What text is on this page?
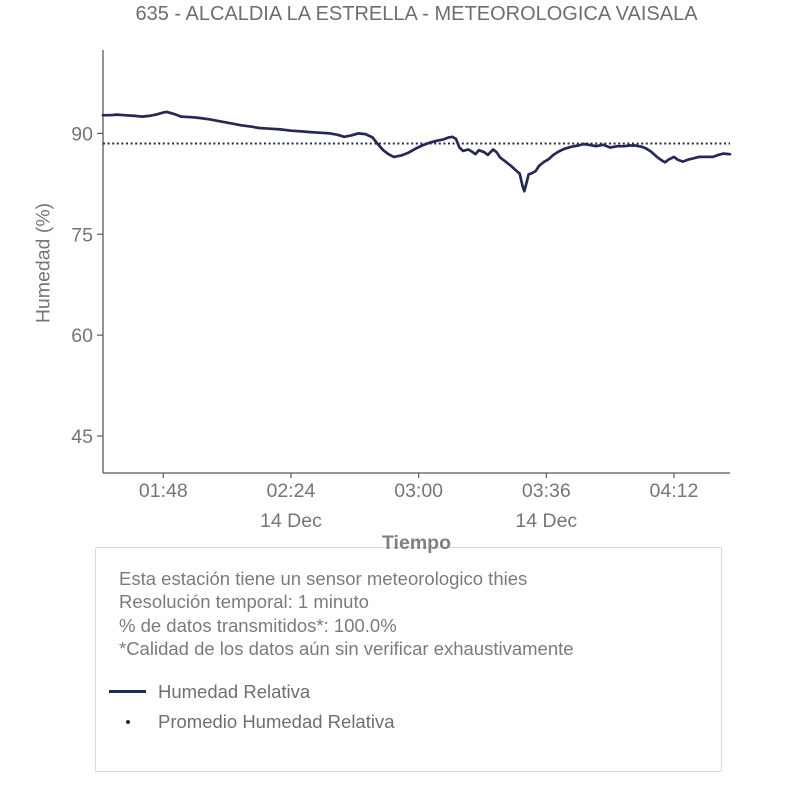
635 - ALCALDIA LA ESTRELLA - METEOROLOGICA VAISALA
Humedad (%)
45
60
75
90
01:48	02:24	03:00	03:36	04:12
14 Dec	14 Dec
Tiempo
Esta estación tiene un sensor meteorologico thies
Resolución temporal: 1 minuto
% de datos transmitidos*: 100.0%
*Calidad de los datos aún sin verificar exhaustivamente
Humedad Relativa
Promedio Humedad Relativa
